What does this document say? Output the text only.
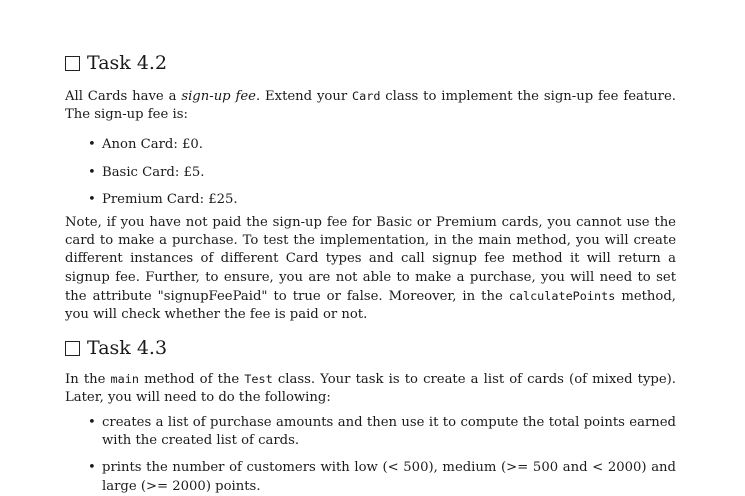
Task 4.2

All Cards have a sign-up fee. Extend your Card class to implement the sign-up fee feature. The sign-up fee is:

• Anon Card: £0.
• Basic Card: £5.
• Premium Card: £25.

Note, if you have not paid the sign-up fee for Basic or Premium cards, you cannot use the card to make a purchase. To test the implementation, in the main method, you will create different instances of different Card types and call signup fee method it will return a signup fee. Further, to ensure, you are not able to make a purchase, you will need to set the attribute "signupFeePaid" to true or false. Moreover, in the calculatePoints method, you will check whether the fee is paid or not.

Task 4.3

In the main method of the Test class. Your task is to create a list of cards (of mixed type). Later, you will need to do the following:

• creates a list of purchase amounts and then use it to compute the total points earned with the created list of cards.
• prints the number of customers with low (< 500), medium (>= 500 and < 2000) and large (>= 2000) points.
